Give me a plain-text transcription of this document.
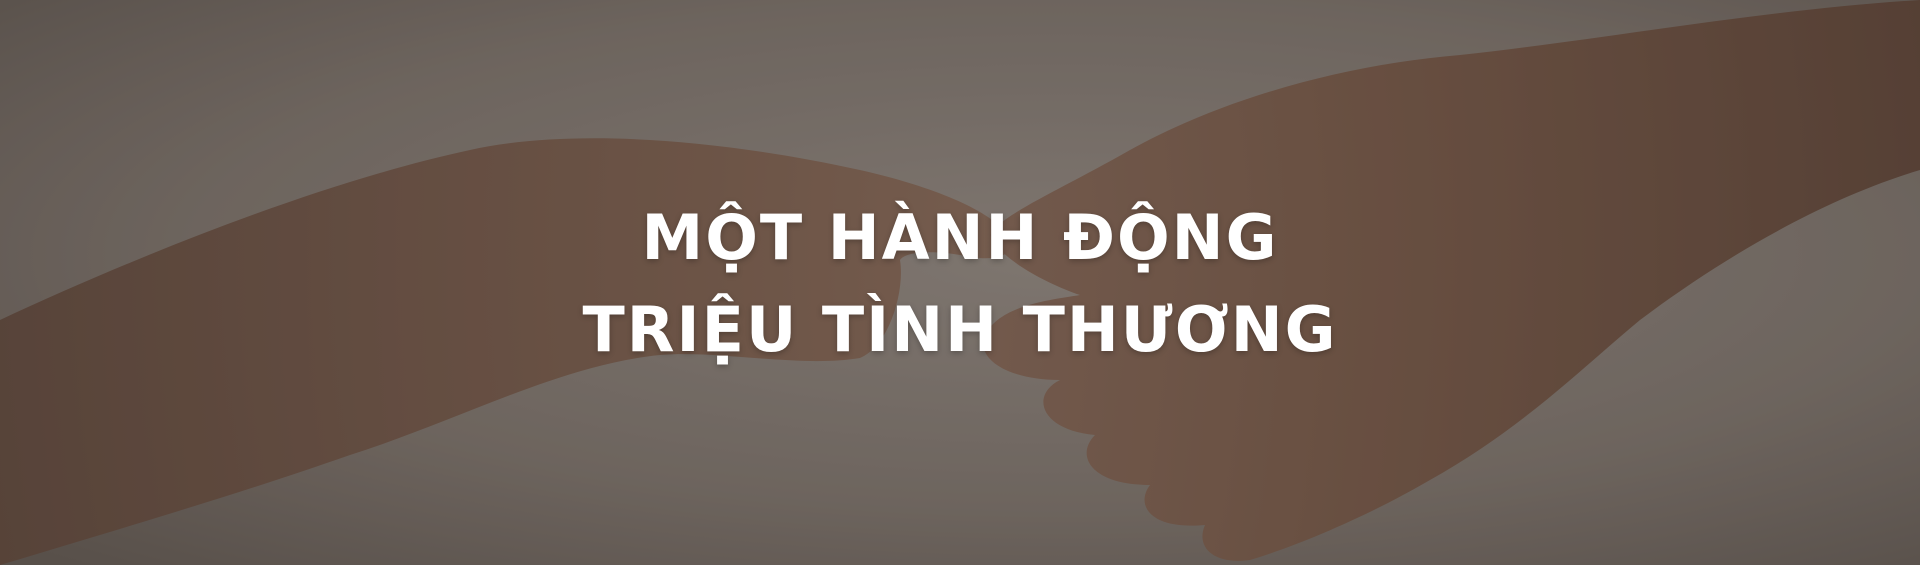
MỘT HÀNH ĐỘNG
TRIỆU TÌNH THƯƠNG
